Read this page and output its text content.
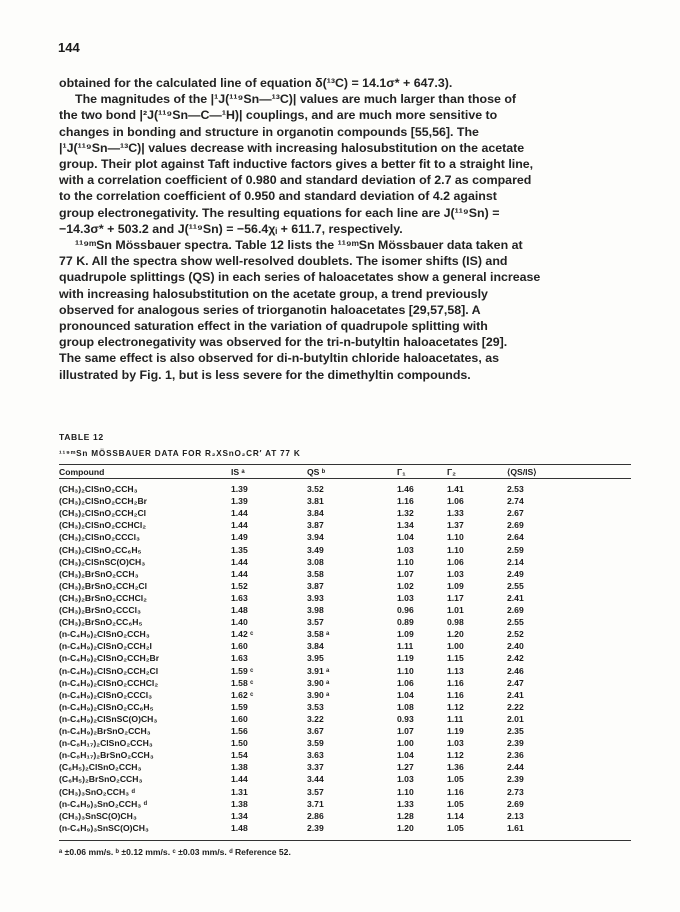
144

obtained for the calculated line of equation δ(¹³C) = 14.1σ* + 647.3).

The magnitudes of the |¹J(¹¹⁹Sn—¹³C)| values are much larger than those of

the two bond |²J(¹¹⁹Sn—C—¹H)| couplings, and are much more sensitive to

changes in bonding and structure in organotin compounds [55,56]. The

|¹J(¹¹⁹Sn—¹³C)| values decrease with increasing halosubstitution on the acetate

group. Their plot against Taft inductive factors gives a better fit to a straight line,

with a correlation coefficient of 0.980 and standard deviation of 2.7 as compared

to the correlation coefficient of 0.950 and standard deviation of 4.2 against

group electronegativity. The resulting equations for each line are J(¹¹⁹Sn) =

−14.3σ* + 503.2 and J(¹¹⁹Sn) = −56.4χᵢ + 611.7, respectively.

¹¹⁹ᵐSn Mössbauer spectra. Table 12 lists the ¹¹⁹ᵐSn Mössbauer data taken at

77 K. All the spectra show well-resolved doublets. The isomer shifts (IS) and

quadrupole splittings (QS) in each series of haloacetates show a general increase

with increasing halosubstitution on the acetate group, a trend previously

observed for analogous series of triorganotin haloacetates [29,57,58]. A

pronounced saturation effect in the variation of quadrupole splitting with

group electronegativity was observed for the tri-n-butyltin haloacetates [29].

The same effect is also observed for di-n-butyltin chloride haloacetates, as

illustrated by Fig. 1, but is less severe for the dimethyltin compounds.

TABLE 12
¹¹⁹ᵐSn MÖSSBAUER DATA FOR R₂XSnO₂CR′ AT 77 K
Compound	IS ᵃ	QS ᵇ	Γ₁	Γ₂	⟨QS/IS⟩
(CH₃)₂ClSnO₂CCH₃	1.39	3.52	1.46	1.41	2.53
(CH₃)₂ClSnO₂CCH₂Br	1.39	3.81	1.16	1.06	2.74
(CH₃)₂ClSnO₂CCH₂Cl	1.44	3.84	1.32	1.33	2.67
(CH₃)₂ClSnO₂CCHCl₂	1.44	3.87	1.34	1.37	2.69
(CH₃)₂ClSnO₂CCCl₃	1.49	3.94	1.04	1.10	2.64
(CH₃)₂ClSnO₂CC₆H₅	1.35	3.49	1.03	1.10	2.59
(CH₃)₂ClSnSC(O)CH₃	1.44	3.08	1.10	1.06	2.14
(CH₃)₂BrSnO₂CCH₃	1.44	3.58	1.07	1.03	2.49
(CH₃)₂BrSnO₂CCH₂Cl	1.52	3.87	1.02	1.09	2.55
(CH₃)₂BrSnO₂CCHCl₂	1.63	3.93	1.03	1.17	2.41
(CH₃)₂BrSnO₂CCCl₃	1.48	3.98	0.96	1.01	2.69
(CH₃)₂BrSnO₂CC₆H₅	1.40	3.57	0.89	0.98	2.55
(n-C₄H₉)₂ClSnO₂CCH₃	1.42 ᶜ	3.58 ᵃ	1.09	1.20	2.52
(n-C₄H₉)₂ClSnO₂CCH₂I	1.60	3.84	1.11	1.00	2.40
(n-C₄H₉)₂ClSnO₂CCH₂Br	1.63	3.95	1.19	1.15	2.42
(n-C₄H₉)₂ClSnO₂CCH₂Cl	1.59 ᶜ	3.91 ᵃ	1.10	1.13	2.46
(n-C₄H₉)₂ClSnO₂CCHCl₂	1.58 ᶜ	3.90 ᵃ	1.06	1.16	2.47
(n-C₄H₉)₂ClSnO₂CCCl₃	1.62 ᶜ	3.90 ᵃ	1.04	1.16	2.41
(n-C₄H₉)₂ClSnO₂CC₆H₅	1.59	3.53	1.08	1.12	2.22
(n-C₄H₉)₂ClSnSC(O)CH₃	1.60	3.22	0.93	1.11	2.01
(n-C₄H₉)₂BrSnO₂CCH₃	1.56	3.67	1.07	1.19	2.35
(n-C₈H₁₇)₂ClSnO₂CCH₃	1.50	3.59	1.00	1.03	2.39
(n-C₈H₁₇)₂BrSnO₂CCH₃	1.54	3.63	1.04	1.12	2.36
(C₆H₅)₂ClSnO₂CCH₃	1.38	3.37	1.27	1.36	2.44
(C₆H₅)₂BrSnO₂CCH₃	1.44	3.44	1.03	1.05	2.39
(CH₃)₃SnO₂CCH₃ ᵈ	1.31	3.57	1.10	1.16	2.73
(n-C₄H₉)₃SnO₂CCH₃ ᵈ	1.38	3.71	1.33	1.05	2.69
(CH₃)₃SnSC(O)CH₃	1.34	2.86	1.28	1.14	2.13
(n-C₄H₉)₃SnSC(O)CH₃	1.48	2.39	1.20	1.05	1.61
ᵃ ±0.06 mm/s. ᵇ ±0.12 mm/s. ᶜ ±0.03 mm/s. ᵈ Reference 52.
